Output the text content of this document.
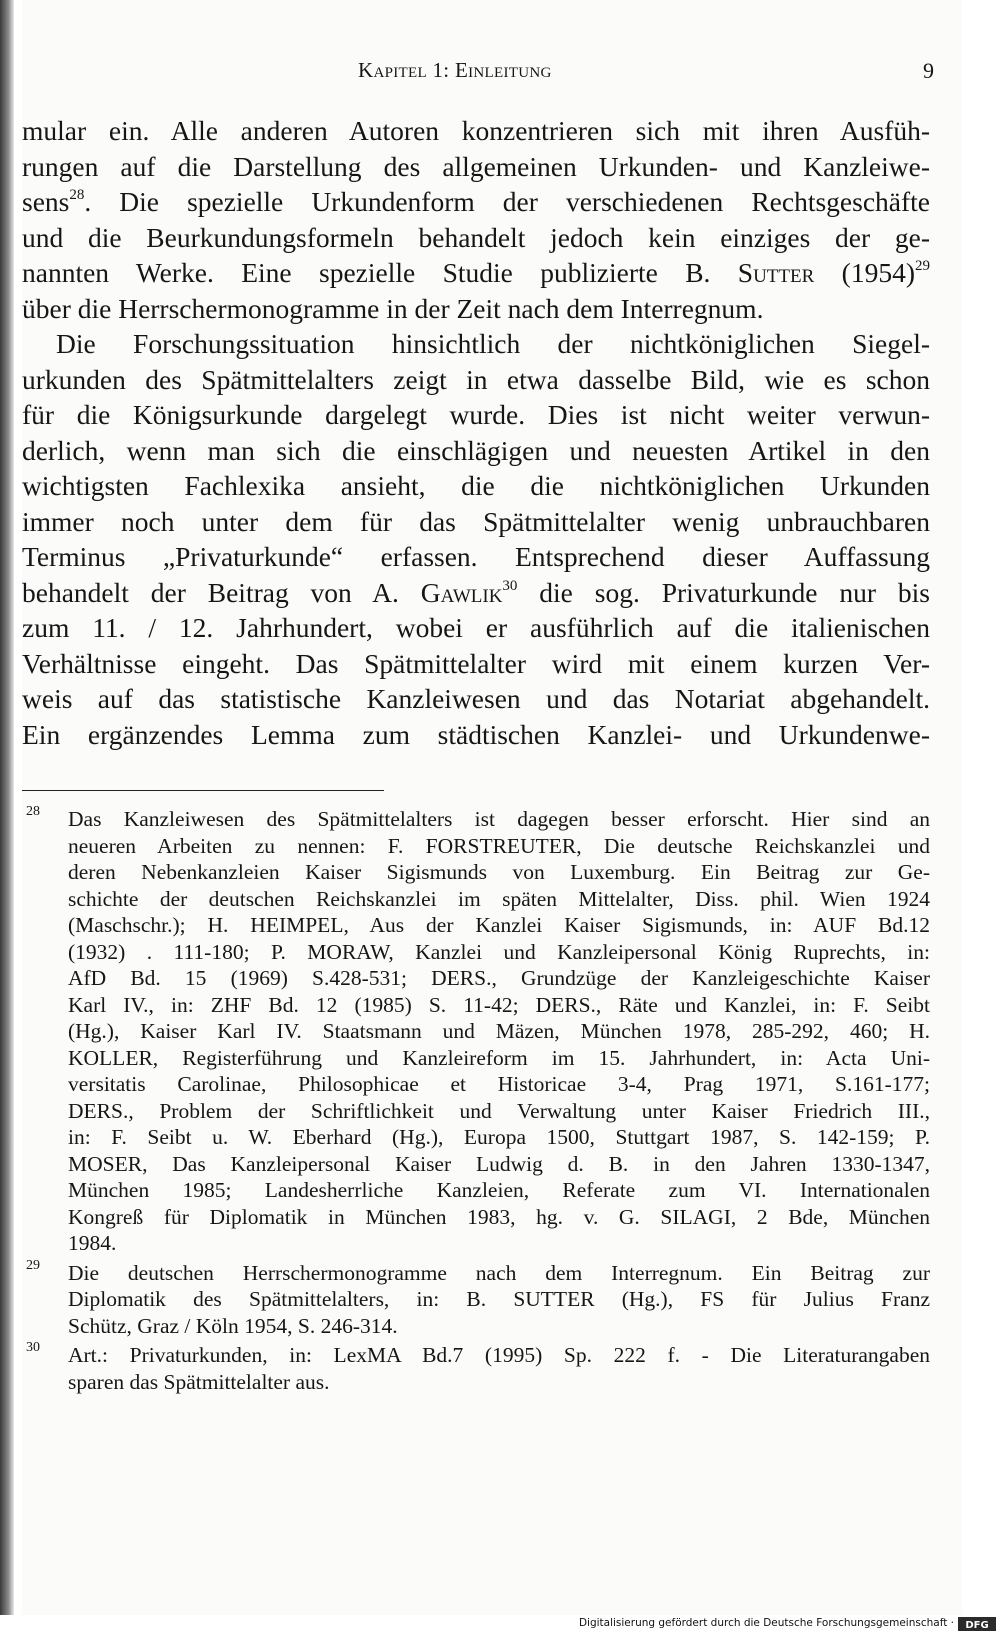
Kapitel 1: Einleitung	9
mular ein. Alle anderen Autoren konzentrieren sich mit ihren Ausfüh-
rungen auf die Darstellung des allgemeinen Urkunden- und Kanzleiwe-
sens$^{28}$. Die spezielle Urkundenform der verschiedenen Rechtsgeschäfte
und die Beurkundungsformeln behandelt jedoch kein einziges der ge-
nannten Werke. Eine spezielle Studie publizierte B. Sutter $(1954)^{29}$
über die Herrschermonogramme in der Zeit nach dem Interregnum.
Die Forschungssituation hinsichtlich der nichtköniglichen Siegel-
urkunden des Spätmittelalters zeigt in etwa dasselbe Bild, wie es schon
für die Königsurkunde dargelegt wurde. Dies ist nicht weiter verwun-
derlich, wenn man sich die einschlägigen und neuesten Artikel in den
wichtigsten Fachlexika ansieht, die die nichtköniglichen Urkunden
immer noch unter dem für das Spätmittelalter wenig unbrauchbaren
Terminus „Privaturkunde“ erfassen. Entsprechend dieser Auffassung
behandelt der Beitrag von A. Gawlik$^{30}$ die sog. Privaturkunde nur bis
zum 11. / 12. Jahrhundert, wobei er ausführlich auf die italienischen
Verhältnisse eingeht. Das Spätmittelalter wird mit einem kurzen Ver-
weis auf das statistische Kanzleiwesen und das Notariat abgehandelt.
Ein ergänzendes Lemma zum städtischen Kanzlei- und Urkundenwe-
28 Das Kanzleiwesen des Spätmittelalters ist dagegen besser erforscht. Hier sind an
neueren Arbeiten zu nennen: F. FORSTREUTER, Die deutsche Reichskanzlei und
deren Nebenkanzleien Kaiser Sigismunds von Luxemburg. Ein Beitrag zur Ge-
schichte der deutschen Reichskanzlei im späten Mittelalter, Diss. phil. Wien 1924
(Maschschr.); H. HEIMPEL, Aus der Kanzlei Kaiser Sigismunds, in: AUF Bd.12
(1932) . 111-180; P. MORAW, Kanzlei und Kanzleipersonal König Ruprechts, in:
AfD Bd. 15 (1969) S.428-531; DERS., Grundzüge der Kanzleigeschichte Kaiser
Karl IV., in: ZHF Bd. 12 (1985) S. 11-42; DERS., Räte und Kanzlei, in: F. Seibt
(Hg.), Kaiser Karl IV. Staatsmann und Mäzen, München 1978, 285-292, 460; H.
KOLLER, Registerführung und Kanzleireform im 15. Jahrhundert, in: Acta Uni-
versitatis Carolinae, Philosophicae et Historicae 3-4, Prag 1971, S.161-177;
DERS., Problem der Schriftlichkeit und Verwaltung unter Kaiser Friedrich III.,
in: F. Seibt u. W. Eberhard (Hg.), Europa 1500, Stuttgart 1987, S. 142-159; P.
MOSER, Das Kanzleipersonal Kaiser Ludwig d. B. in den Jahren 1330-1347,
München 1985; Landesherrliche Kanzleien, Referate zum VI. Internationalen
Kongreß für Diplomatik in München 1983, hg. v. G. SILAGI, 2 Bde, München
1984.
29 Die deutschen Herrschermonogramme nach dem Interregnum. Ein Beitrag zur
Diplomatik des Spätmittelalters, in: B. SUTTER (Hg.), FS für Julius Franz
Schütz, Graz / Köln 1954, S. 246-314.
30 Art.: Privaturkunden, in: LexMA Bd.7 (1995) Sp. 222 f. - Die Literaturangaben
sparen das Spätmittelalter aus.
Digitalisierung gefördert durch die Deutsche Forschungsgemeinschaft · DFG
